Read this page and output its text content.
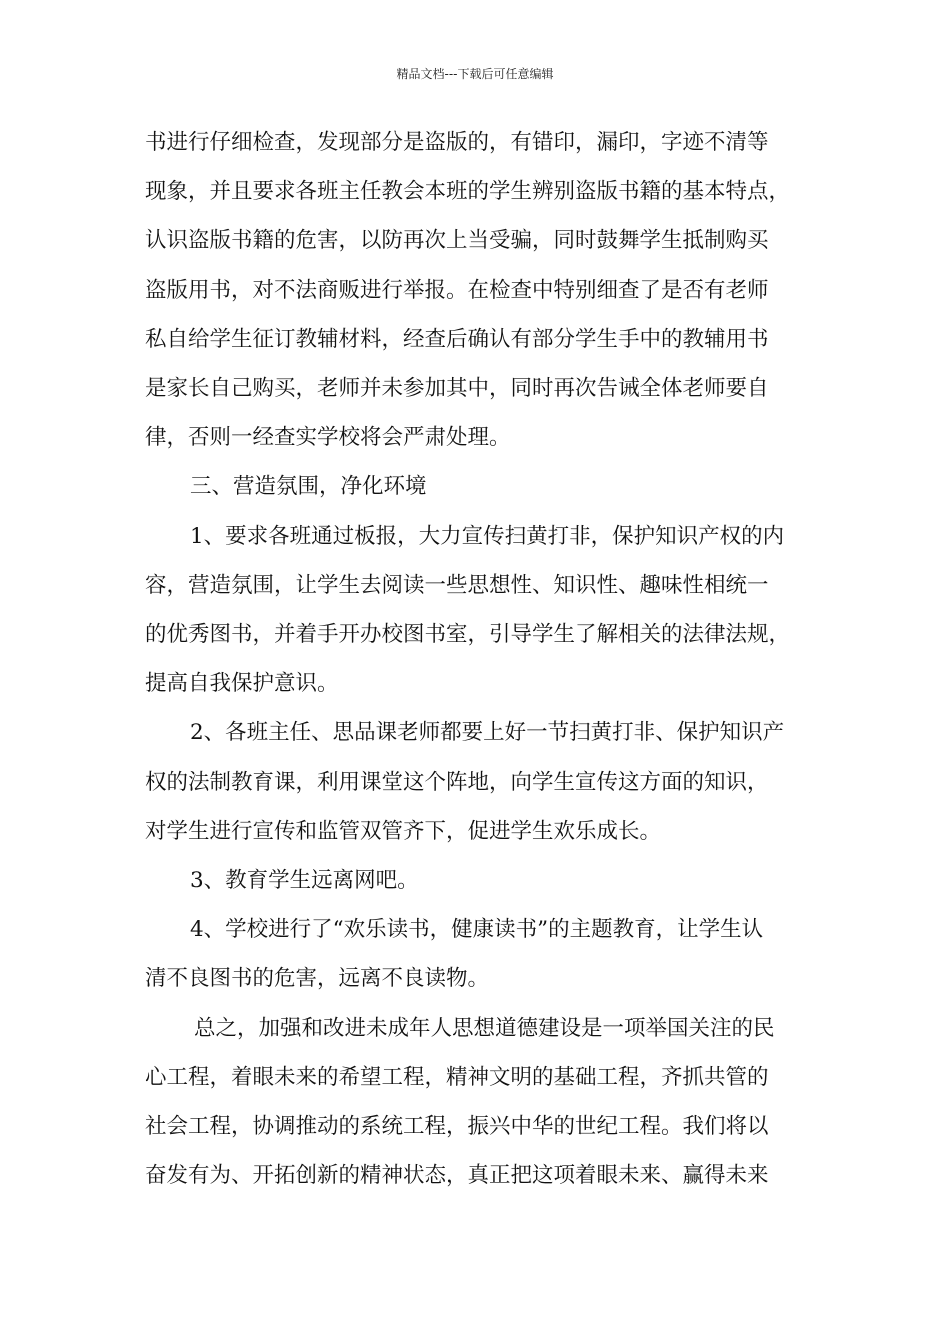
精品文档---下载后可任意编辑
书进行仔细检查，发现部分是盗版的，有错印，漏印，字迹不清等
现象，并且要求各班主任教会本班的学生辨别盗版书籍的基本特点，
认识盗版书籍的危害，以防再次上当受骗，同时鼓舞学生抵制购买
盗版用书，对不法商贩进行举报。在检查中特别细查了是否有老师
私自给学生征订教辅材料，经查后确认有部分学生手中的教辅用书
是家长自己购买，老师并未参加其中，同时再次告诫全体老师要自
律，否则一经查实学校将会严肃处理。
三、营造氛围，净化环境
1、要求各班通过板报，大力宣传扫黄打非，保护知识产权的内
容，营造氛围，让学生去阅读一些思想性、知识性、趣味性相统一
的优秀图书，并着手开办校图书室，引导学生了解相关的法律法规，
提高自我保护意识。
2、各班主任、思品课老师都要上好一节扫黄打非、保护知识产
权的法制教育课，利用课堂这个阵地，向学生宣传这方面的知识，
对学生进行宣传和监管双管齐下，促进学生欢乐成长。
3、教育学生远离网吧。
4、学校进行了“欢乐读书，健康读书”的主题教育，让学生认
清不良图书的危害，远离不良读物。
总之，加强和改进未成年人思想道德建设是一项举国关注的民
心工程，着眼未来的希望工程，精神文明的基础工程，齐抓共管的
社会工程，协调推动的系统工程，振兴中华的世纪工程。我们将以
奋发有为、开拓创新的精神状态，真正把这项着眼未来、赢得未来
